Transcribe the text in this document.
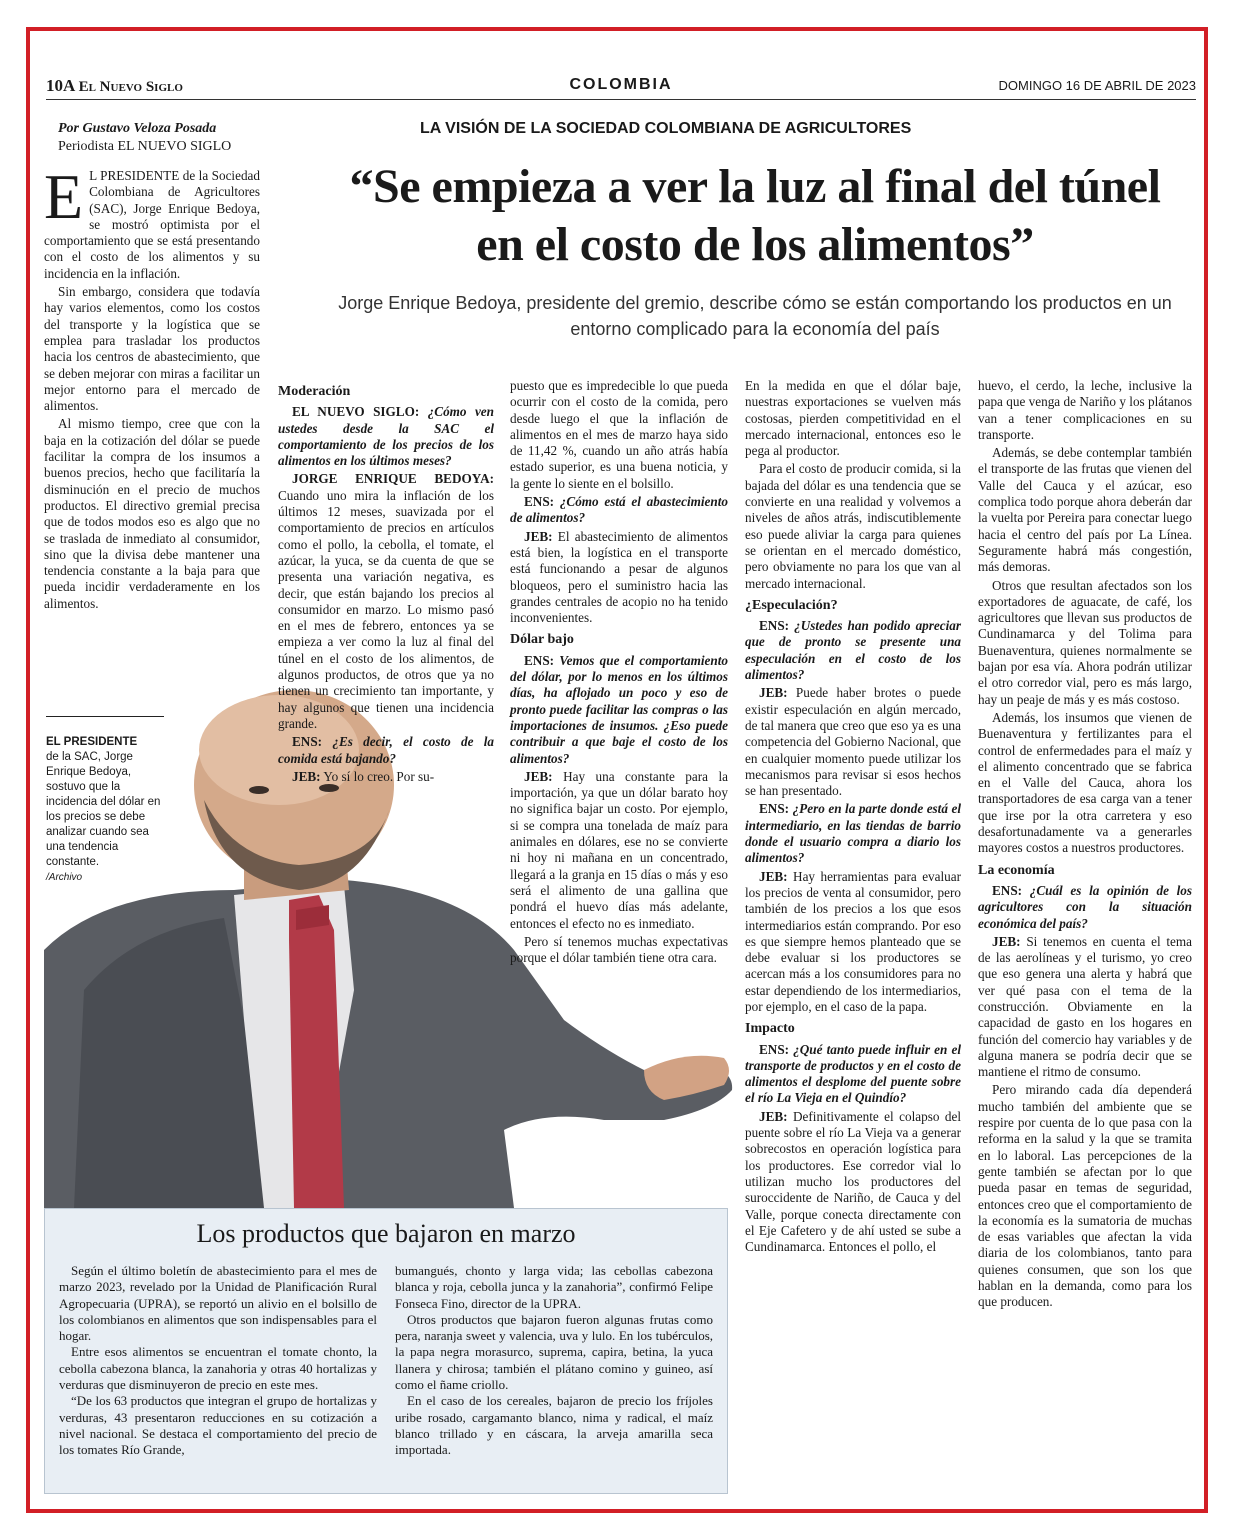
10A El Nuevo Siglo	COLOMBIA	DOMINGO 16 DE ABRIL DE 2023
Por Gustavo Veloza Posada
Periodista EL NUEVO SIGLO
LA VISIÓN DE LA SOCIEDAD COLOMBIANA DE AGRICULTORES
“Se empieza a ver la luz al final del túnel en el costo de los alimentos”
Jorge Enrique Bedoya, presidente del gremio, describe cómo se están comportando los productos en un entorno complicado para la economía del país

E L PRESIDENTE de la Sociedad Colombiana de Agricultores (SAC), Jorge Enrique Bedoya, se mostró optimista por el comportamiento que se está presentando con el costo de los alimentos y su incidencia en la inflación.

Sin embargo, considera que todavía hay varios elementos, como los costos del transporte y la logística que se emplea para trasladar los productos hacia los centros de abastecimiento, que se deben mejorar con miras a facilitar un mejor entorno para el mercado de alimentos.

Al mismo tiempo, cree que con la baja en la cotización del dólar se puede facilitar la compra de los insumos a buenos precios, hecho que facilitaría la disminución en el precio de muchos productos. El directivo gremial precisa que de todos modos eso es algo que no se traslada de inmediato al consumidor, sino que la divisa debe mantener una tendencia constante a la baja para que pueda incidir verdaderamente en los alimentos.

EL PRESIDENTE
de la SAC, Jorge Enrique Bedoya, sostuvo que la incidencia del dólar en los precios se debe analizar cuando sea una tendencia constante.
/Archivo
Moderación

EL NUEVO SIGLO: ¿Cómo ven ustedes desde la SAC el comportamiento de los precios de los alimentos en los últimos meses?

JORGE ENRIQUE BEDOYA: Cuando uno mira la inflación de los últimos 12 meses, suavizada por el comportamiento de precios en artículos como el pollo, la cebolla, el tomate, el azúcar, la yuca, se da cuenta de que se presenta una variación negativa, es decir, que están bajando los precios al consumidor en marzo. Lo mismo pasó en el mes de febrero, entonces ya se empieza a ver como la luz al final del túnel en el costo de los alimentos, de algunos productos, de otros que ya no tienen un crecimiento tan importante, y hay algunos que tienen una incidencia grande.

ENS: ¿Es decir, el costo de la comida está bajando?

JEB: Yo sí lo creo. Por su-

puesto que es impredecible lo que pueda ocurrir con el costo de la comida, pero desde luego el que la inflación de alimentos en el mes de marzo haya sido de 11,42 %, cuando un año atrás había estado superior, es una buena noticia, y la gente lo siente en el bolsillo.

ENS: ¿Cómo está el abastecimiento de alimentos?

JEB: El abastecimiento de alimentos está bien, la logística en el transporte está funcionando a pesar de algunos bloqueos, pero el suministro hacia las grandes centrales de acopio no ha tenido inconvenientes.

Dólar bajo

ENS: Vemos que el comportamiento del dólar, por lo menos en los últimos días, ha aflojado un poco y eso de pronto puede facilitar las compras o las importaciones de insumos. ¿Eso puede contribuir a que baje el costo de los alimentos?

JEB: Hay una constante para la importación, ya que un dólar barato hoy no significa bajar un costo. Por ejemplo, si se compra una tonelada de maíz para animales en dólares, ese no se convierte ni hoy ni mañana en un concentrado, llegará a la granja en 15 días o más y eso será el alimento de una gallina que pondrá el huevo días más adelante, entonces el efecto no es inmediato.

Pero sí tenemos muchas expectativas porque el dólar también tiene otra cara.

En la medida en que el dólar baje, nuestras exportaciones se vuelven más costosas, pierden competitividad en el mercado internacional, entonces eso le pega al productor.

Para el costo de producir comida, si la bajada del dólar es una tendencia que se convierte en una realidad y volvemos a niveles de años atrás, indiscutiblemente eso puede aliviar la carga para quienes se orientan en el mercado doméstico, pero obviamente no para los que van al mercado internacional.

¿Especulación?

ENS: ¿Ustedes han podido apreciar que de pronto se presente una especulación en el costo de los alimentos?

JEB: Puede haber brotes o puede existir especulación en algún mercado, de tal manera que creo que eso ya es una competencia del Gobierno Nacional, que en cualquier momento puede utilizar los mecanismos para revisar si esos hechos se han presentado.

ENS: ¿Pero en la parte donde está el intermediario, en las tiendas de barrio donde el usuario compra a diario los alimentos?

JEB: Hay herramientas para evaluar los precios de venta al consumidor, pero también de los precios a los que esos intermediarios están comprando. Por eso es que siempre hemos planteado que se debe evaluar si los productores se acercan más a los consumidores para no estar dependiendo de los intermediarios, por ejemplo, en el caso de la papa.

Impacto

ENS: ¿Qué tanto puede influir en el transporte de productos y en el costo de alimentos el desplome del puente sobre el río La Vieja en el Quindío?

JEB: Definitivamente el colapso del puente sobre el río La Vieja va a generar sobrecostos en operación logística para los productores. Ese corredor vial lo utilizan mucho los productores del suroccidente de Nariño, de Cauca y del Valle, porque conecta directamente con el Eje Cafetero y de ahí usted se sube a Cundinamarca. Entonces el pollo, el

huevo, el cerdo, la leche, inclusive la papa que venga de Nariño y los plátanos van a tener complicaciones en su transporte.

Además, se debe contemplar también el transporte de las frutas que vienen del Valle del Cauca y el azúcar, eso complica todo porque ahora deberán dar la vuelta por Pereira para conectar luego hacia el centro del país por La Línea. Seguramente habrá más congestión, más demoras.

Otros que resultan afectados son los exportadores de aguacate, de café, los agricultores que llevan sus productos de Cundinamarca y del Tolima para Buenaventura, quienes normalmente se bajan por esa vía. Ahora podrán utilizar el otro corredor vial, pero es más largo, hay un peaje de más y es más costoso.

Además, los insumos que vienen de Buenaventura y fertilizantes para el control de enfermedades para el maíz y el alimento concentrado que se fabrica en el Valle del Cauca, ahora los transportadores de esa carga van a tener que irse por la otra carretera y eso desafortunadamente va a generarles mayores costos a nuestros productores.

La economía

ENS: ¿Cuál es la opinión de los agricultores con la situación económica del país?

JEB: Si tenemos en cuenta el tema de las aerolíneas y el turismo, yo creo que eso genera una alerta y habrá que ver qué pasa con el tema de la construcción. Obviamente en la capacidad de gasto en los hogares en función del comercio hay variables y de alguna manera se podría decir que se mantiene el ritmo de consumo.

Pero mirando cada día dependerá mucho también del ambiente que se respire por cuenta de lo que pasa con la reforma en la salud y la que se tramita en lo laboral. Las percepciones de la gente también se afectan por lo que pueda pasar en temas de seguridad, entonces creo que el comportamiento de la economía es la sumatoria de muchas de esas variables que afectan la vida diaria de los colombianos, tanto para quienes consumen, que son los que hablan en la demanda, como para los que producen.

Los productos que bajaron en marzo

Según el último boletín de abastecimiento para el mes de marzo 2023, revelado por la Unidad de Planificación Rural Agropecuaria (UPRA), se reportó un alivio en el bolsillo de los colombianos en alimentos que son indispensables para el hogar.

Entre esos alimentos se encuentran el tomate chonto, la cebolla cabezona blanca, la zanahoria y otras 40 hortalizas y verduras que disminuyeron de precio en este mes.

“De los 63 productos que integran el grupo de hortalizas y verduras, 43 presentaron reducciones en su cotización a nivel nacional. Se destaca el comportamiento del precio de los tomates Río Grande,

bumangués, chonto y larga vida; las cebollas cabezona blanca y roja, cebolla junca y la zanahoria”, confirmó Felipe Fonseca Fino, director de la UPRA.

Otros productos que bajaron fueron algunas frutas como pera, naranja sweet y valencia, uva y lulo. En los tubérculos, la papa negra morasurco, suprema, capira, betina, la yuca llanera y chirosa; también el plátano comino y guineo, así como el ñame criollo.

En el caso de los cereales, bajaron de precio los fríjoles uribe rosado, cargamanto blanco, nima y radical, el maíz blanco trillado y en cáscara, la arveja amarilla seca importada.
